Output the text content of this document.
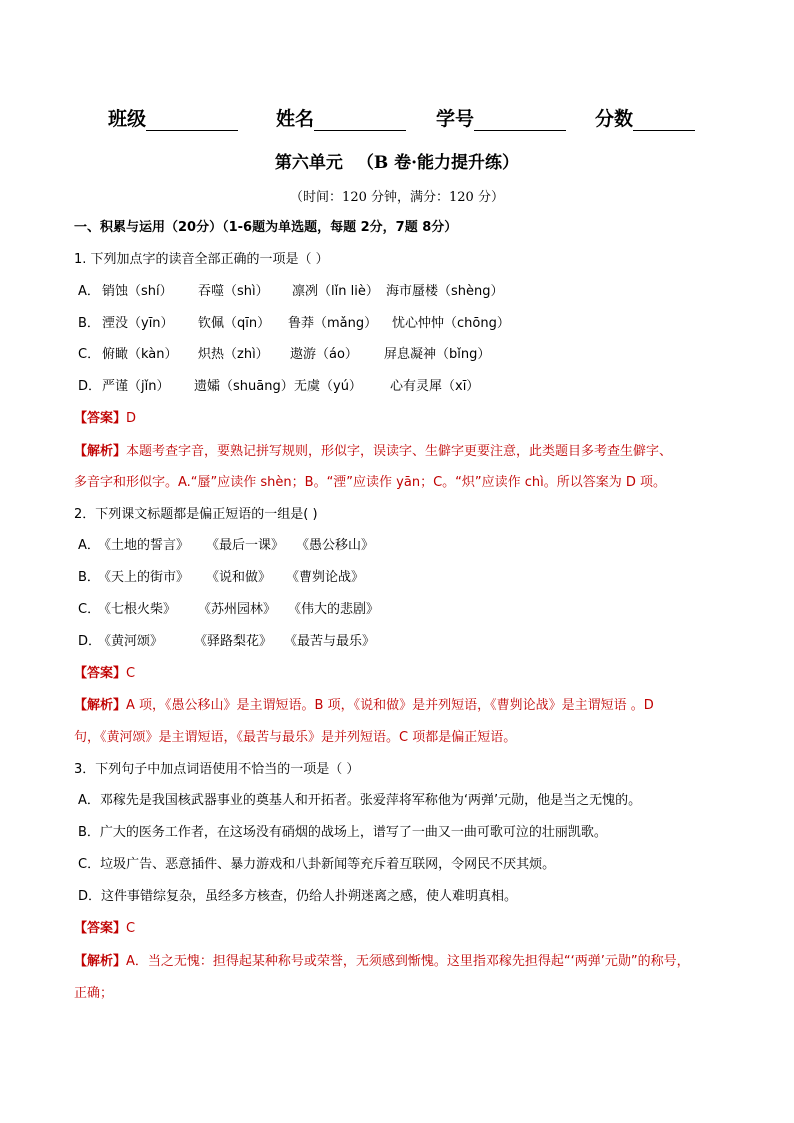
班级	姓名	学号	分数
第六单元 （B 卷·能力提升练）
（时间：120 分钟，满分：120 分）
一、积累与运用（20分）（1-6题为单选题，每题 2分，7题 8分）
1. 下列加点字的读音全部正确的一项是（ ）
A． 销蚀（shí） 吞噬（shì） 凛冽（lǐn liè） 海市蜃楼（shèng）
B． 湮没（yīn） 钦佩（qīn） 鲁莽（mǎng） 忧心忡忡（chōng）
C． 俯瞰（kàn） 炽热（zhì） 遨游（áo） 屏息凝神（bǐng）
D． 严谨（jǐn） 遗孀（shuāng） 无虞（yú） 心有灵犀（xī）
【答案】D
【解析】本题考查字音，要熟记拼写规则，形似字，误读字、生僻字更要注意，此类题目多考查生僻字、
多音字和形似字。A.“蜃”应读作 shèn；B。“湮”应读作 yān；C。“炽”应读作 chì。所以答案为 D 项。
2．下列课文标题都是偏正短语的一组是( )
A．
《土地的誓言》 《最后一课》 《愚公移山》
B．
《天上的街市》 《说和做》 《曹刿论战》
C．
《七根火柴》 《苏州园林》 《伟大的悲剧》
D．
《黄河颂》 《驿路梨花》 《最苦与最乐》
【答案】C
【解析】A 项，《愚公移山》是主谓短语。B 项，《说和做》是并列短语，《曹刿论战》是主谓短语 。D
句，《黄河颂》是主谓短语，《最苦与最乐》是并列短语。C 项都是偏正短语。
3．下列句子中加点词语使用不恰当的一项是（ ）
A．邓稼先是我国核武器事业的奠基人和开拓者。张爱萍将军称他为‘两弹’元勋，他是当之无愧的。
B．广大的医务工作者，在这场没有硝烟的战场上，谱写了一曲又一曲可歌可泣的壮丽凯歌。
C．垃圾广告、恶意插件、暴力游戏和八卦新闻等充斥着互联网，令网民不厌其烦。
D．这件事错综复杂，虽经多方核查，仍给人扑朔迷离之感，使人难明真相。
【答案】C
【解析】A．当之无愧：担得起某种称号或荣誉，无须感到惭愧。这里指邓稼先担得起“‘两弹’元勋”的称号，
正确；
